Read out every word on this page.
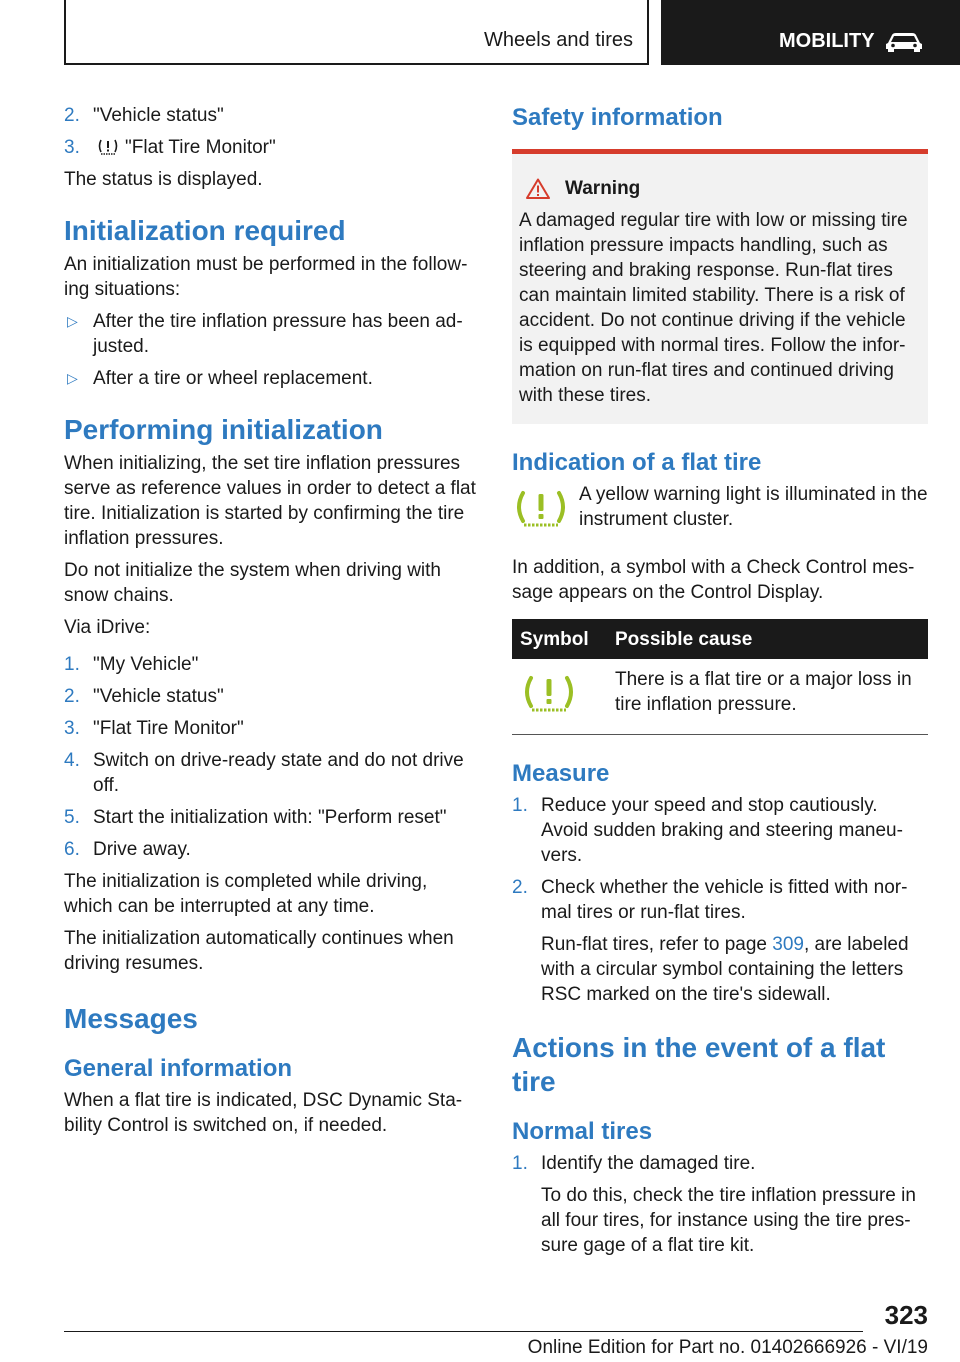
Wheels and tires	MOBILITY
2. "Vehicle status"
3. "Flat Tire Monitor"

The status is displayed.

Initialization required

An initialization must be performed in the follow‐ing situations:

▷ After the tire inflation pressure has been ad‐justed.
▷ After a tire or wheel replacement.
Performing initialization

When initializing, the set tire inflation pressures serve as reference values in order to detect a flat tire. Initialization is started by confirming the tire inflation pressures.

Do not initialize the system when driving with snow chains.

Via iDrive:

1. "My Vehicle"
2. "Vehicle status"
3. "Flat Tire Monitor"
4. Switch on drive-ready state and do not drive off.
5. Start the initialization with: "Perform reset"
6. Drive away.

The initialization is completed while driving, which can be interrupted at any time.

The initialization automatically continues when driving resumes.

Messages
General information

When a flat tire is indicated, DSC Dynamic Sta‐bility Control is switched on, if needed.

Safety information
Warning

A damaged regular tire with low or missing tire inflation pressure impacts handling, such as steering and braking response. Run-flat tires can maintain limited stability. There is a risk of accident. Do not continue driving if the vehicle is equipped with normal tires. Follow the infor‐mation on run-flat tires and continued driving with these tires.

Indication of a flat tire
A yellow warning light is illuminated in the instrument cluster.

In addition, a symbol with a Check Control mes‐sage appears on the Control Display.

Symbol	Possible cause
	There is a flat tire or a major loss in tire inflation pressure.
Measure
1. Reduce your speed and stop cautiously. Avoid sudden braking and steering maneu‐vers.
2. Check whether the vehicle is fitted with nor‐mal tires or run-flat tires.
Run-flat tires, refer to page 309, are labeled with a circular symbol containing the letters RSC marked on the tire's sidewall.
Actions in the event of a flat tire
Normal tires
1. Identify the damaged tire.
To do this, check the tire inflation pressure in all four tires, for instance using the tire pres‐sure gage of a flat tire kit.
323
Online Edition for Part no. 01402666926 - VI/19
